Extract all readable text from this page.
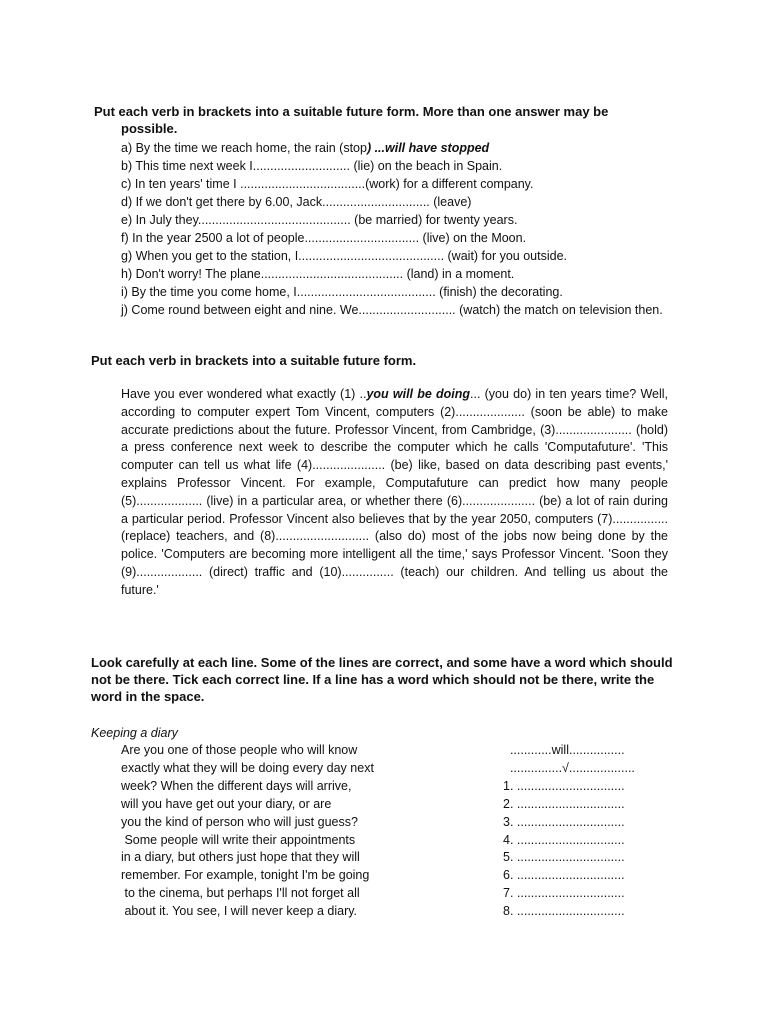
Put each verb in brackets into a suitable future form. More than one answer may be
possible.
a) By the time we reach home, the rain (stop) ...will have stopped
b) This time next week I............................ (lie) on the beach in Spain.
c) In ten years' time I ....................................(work) for a different company.
d) If we don't get there by 6.00, Jack............................... (leave)
e) In July they............................................ (be married) for twenty years.
f) In the year 2500 a lot of people................................. (live) on the Moon.
g) When you get to the station, I.......................................... (wait) for you outside.
h) Don't worry! The plane......................................... (land) in a moment.
i) By the time you come home, I........................................ (finish) the decorating.
j) Come round between eight and nine. We............................ (watch) the match on television then.
Put each verb in brackets into a suitable future form.
Have you ever wondered what exactly (1) ..you will be doing... (you do) in ten years time? Well, according to computer expert Tom Vincent, computers (2).................... (soon be able) to make accurate predictions about the future. Professor Vincent, from Cambridge, (3)...................... (hold) a press conference next week to describe the computer which he calls 'Computafuture'. 'This computer can tell us what life (4)..................... (be) like, based on data describing past events,' explains Professor Vincent. For example, Computafuture can predict how many people (5)................... (live) in a particular area, or whether there (6)..................... (be) a lot of rain during a particular period. Professor Vincent also believes that by the year 2050, computers (7)................ (replace) teachers, and (8)........................... (also do) most of the jobs now being done by the police. 'Computers are becoming more intelligent all the time,' says Professor Vincent. 'Soon they (9)................... (direct) traffic and (10)............... (teach) our children. And telling us about the future.'
Look carefully at each line. Some of the lines are correct, and some have a word which should not be there. Tick each correct line. If a line has a word which should not be there, write the word in the space.
Keeping a diary
Are you one of those people who will know
exactly what they will be doing every day next
week? When the different days will arrive,
will you have get out your diary, or are
you the kind of person who will just guess?
Some people will write their appointments
in a diary, but others just hope that they will
remember. For example, tonight I'm be going
to the cinema, but perhaps I'll not forget all
about it. You see, I will never keep a diary.
............will................
...............√...................
1. ...............................
2. ...............................
3. ...............................
4. ...............................
5. ...............................
6. ...............................
7. ...............................
8. ...............................
